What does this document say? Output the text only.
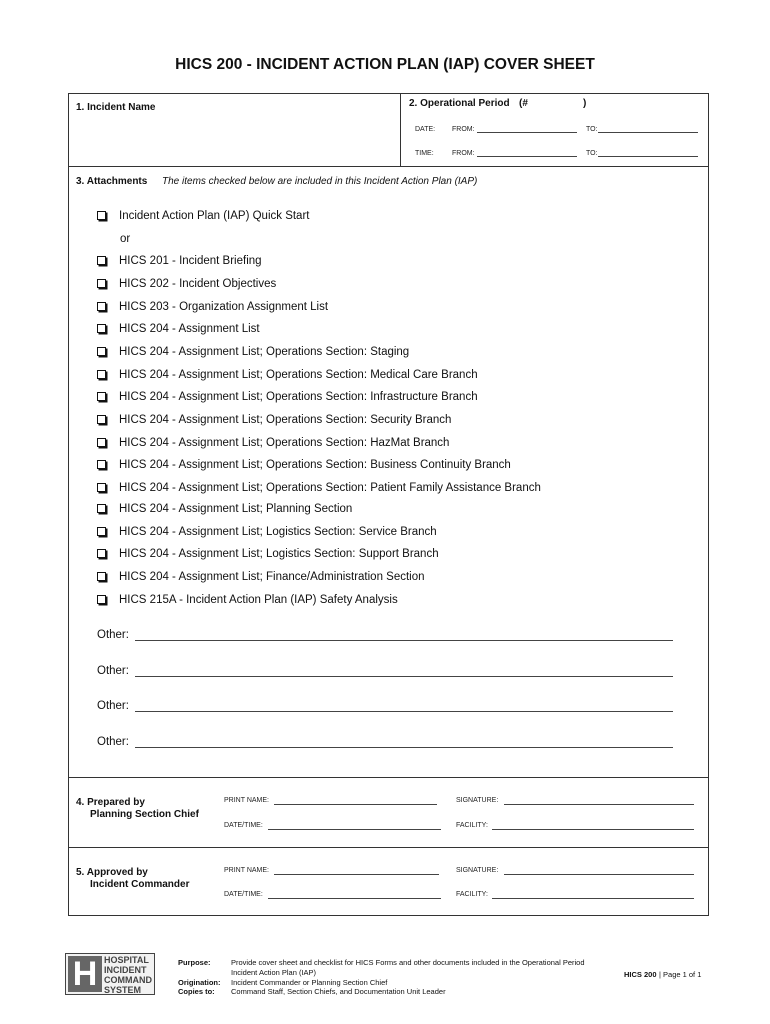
HICS 200 - INCIDENT ACTION PLAN (IAP) COVER SHEET
1. Incident Name	2. Operational Period (#	)
DATE: FROM:	TO:
TIME:	FROM:	TO:
3. Attachments The items checked below are included in this Incident Action Plan (IAP)
Incident Action Plan (IAP) Quick Start
or
HICS 201 - Incident Briefing
HICS 202 - Incident Objectives
HICS 203 - Organization Assignment List
HICS 204 - Assignment List
HICS 204 - Assignment List; Operations Section: Staging
HICS 204 - Assignment List; Operations Section: Medical Care Branch
HICS 204 - Assignment List; Operations Section: Infrastructure Branch
HICS 204 - Assignment List; Operations Section: Security Branch
HICS 204 - Assignment List; Operations Section: HazMat Branch
HICS 204 - Assignment List; Operations Section: Business Continuity Branch
HICS 204 - Assignment List; Operations Section: Patient Family Assistance Branch
HICS 204 - Assignment List; Planning Section
HICS 204 - Assignment List; Logistics Section: Service Branch
HICS 204 - Assignment List; Logistics Section: Support Branch
HICS 204 - Assignment List; Finance/Administration Section
HICS 215A - Incident Action Plan (IAP) Safety Analysis
Other:
Other:
Other:
Other:
4. Prepared by
Planning Section Chief
PRINT NAME:	SIGNATURE:
DATE/TIME:	FACILITY:
5. Approved by
Incident Commander
PRINT NAME:	SIGNATURE:
DATE/TIME:	FACILITY:
H HOSPITAL
INCIDENT
COMMAND
SYSTEM
Purpose:	Provide cover sheet and checklist for HICS Forms and other documents included in the Operational Period
Incident Action Plan (IAP)
Origination: Incident Commander or Planning Section Chief
Copies to: Command Staff, Section Chiefs, and Documentation Unit Leader
HICS 200 | Page 1 of 1
